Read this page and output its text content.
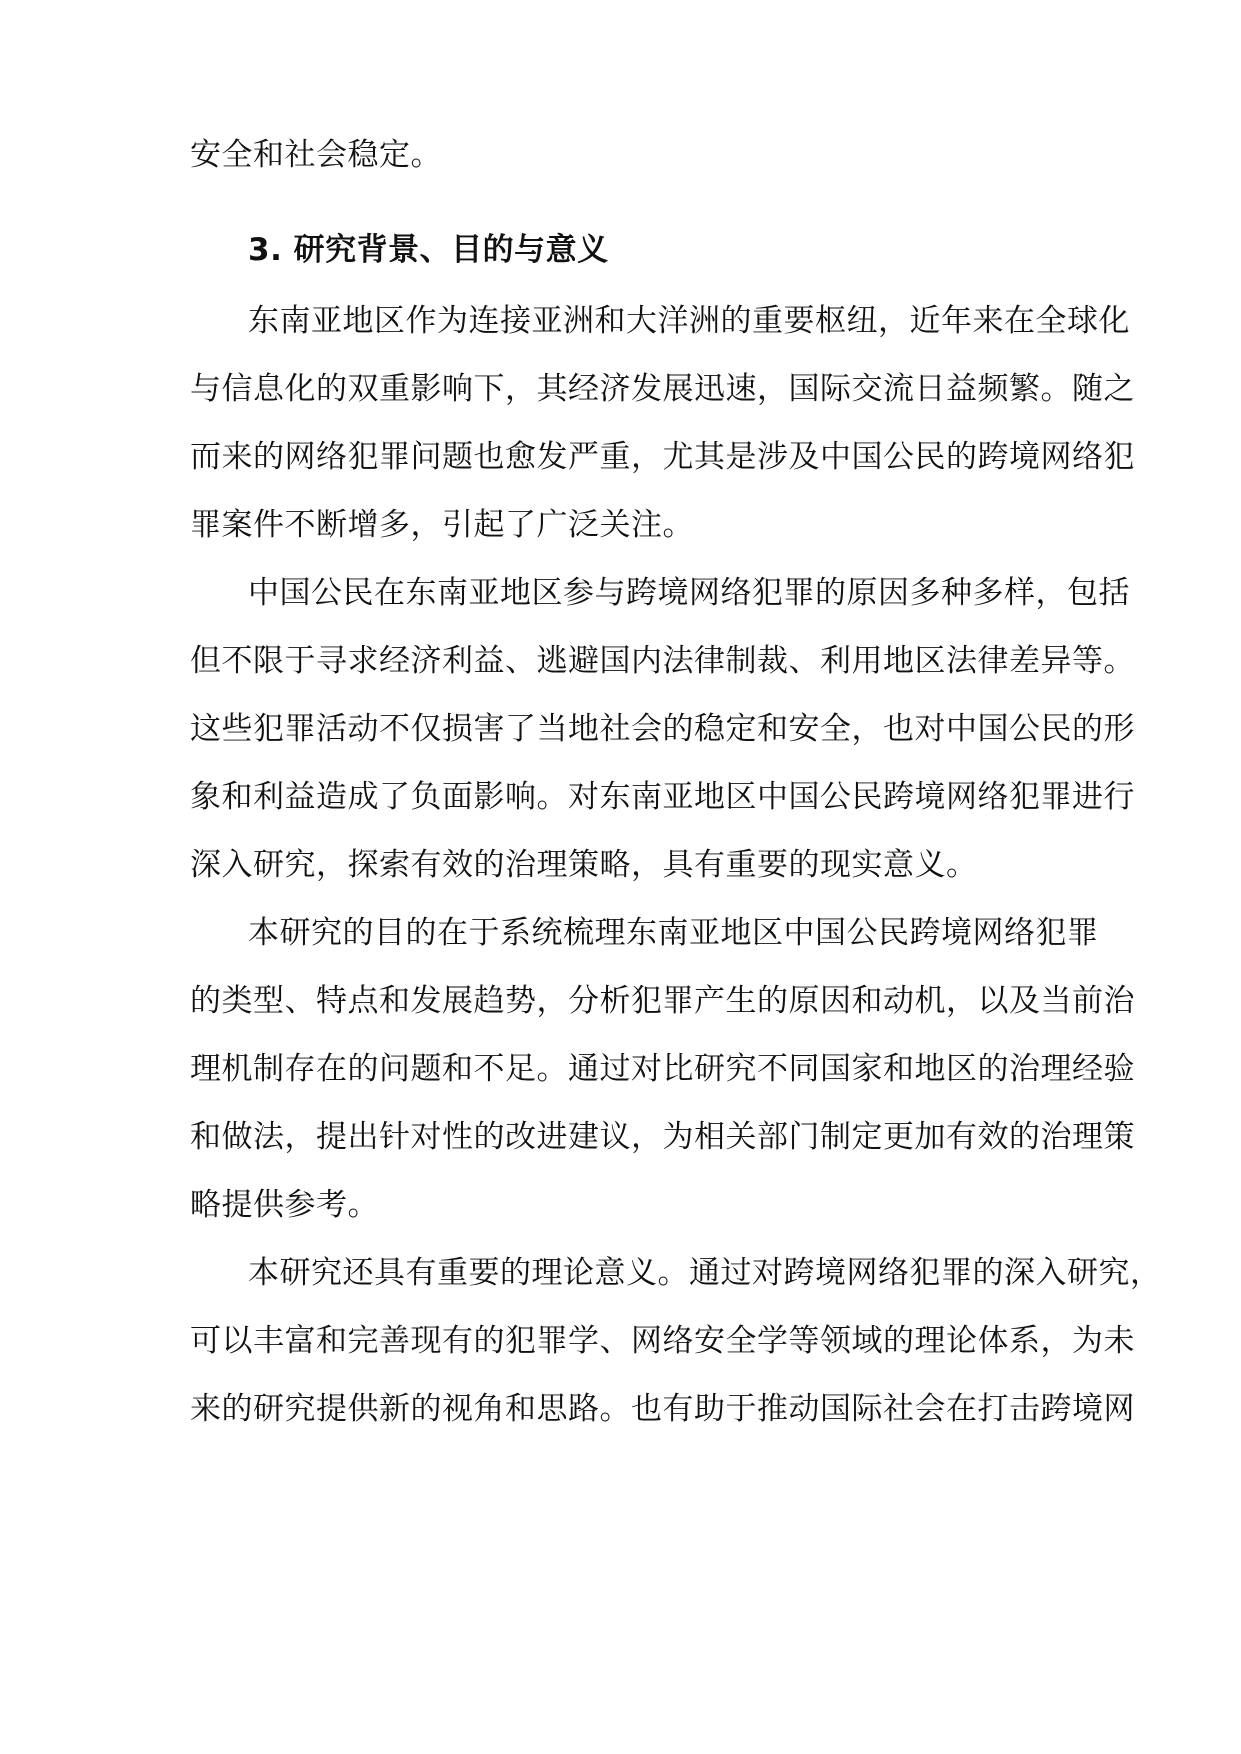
安全和社会稳定。
3. 研究背景、目的与意义
东南亚地区作为连接亚洲和大洋洲的重要枢纽，近年来在全球化
与信息化的双重影响下，其经济发展迅速，国际交流日益频繁。随之
而来的网络犯罪问题也愈发严重，尤其是涉及中国公民的跨境网络犯
罪案件不断增多，引起了广泛关注。
中国公民在东南亚地区参与跨境网络犯罪的原因多种多样，包括
但不限于寻求经济利益、逃避国内法律制裁、利用地区法律差异等。
这些犯罪活动不仅损害了当地社会的稳定和安全，也对中国公民的形
象和利益造成了负面影响。对东南亚地区中国公民跨境网络犯罪进行
深入研究，探索有效的治理策略，具有重要的现实意义。
本研究的目的在于系统梳理东南亚地区中国公民跨境网络犯罪
的类型、特点和发展趋势，分析犯罪产生的原因和动机，以及当前治
理机制存在的问题和不足。通过对比研究不同国家和地区的治理经验
和做法，提出针对性的改进建议，为相关部门制定更加有效的治理策
略提供参考。
本研究还具有重要的理论意义。通过对跨境网络犯罪的深入研究，
可以丰富和完善现有的犯罪学、网络安全学等领域的理论体系，为未
来的研究提供新的视角和思路。也有助于推动国际社会在打击跨境网
